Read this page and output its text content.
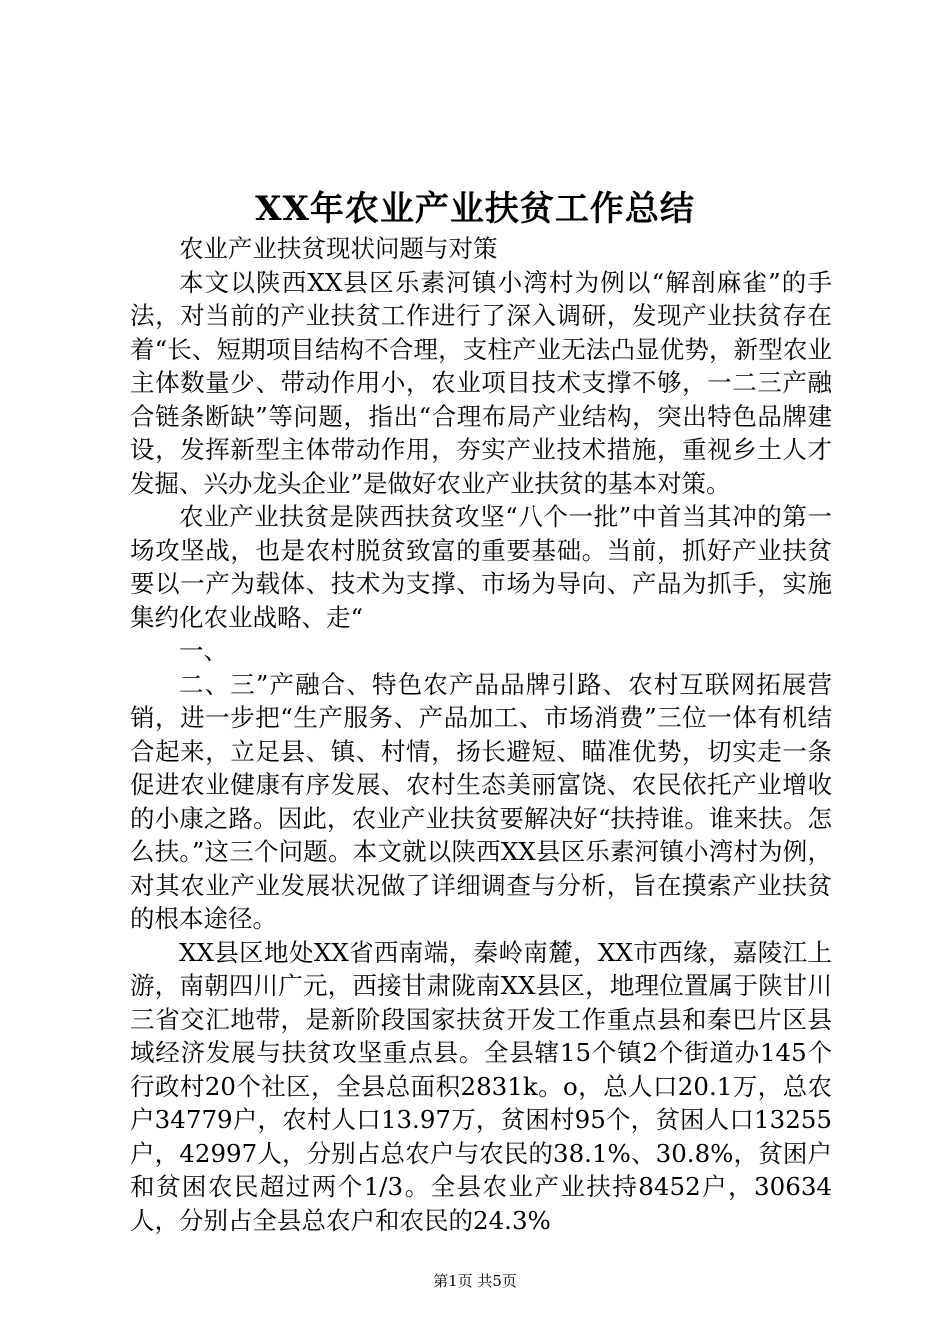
XX年农业产业扶贫工作总结

农业产业扶贫现状问题与对策

本文以陕西XX县区乐素河镇小湾村为例以“解剖麻雀”的手法，对当前的产业扶贫工作进行了深入调研，发现产业扶贫存在着“长、短期项目结构不合理，支柱产业无法凸显优势，新型农业主体数量少、带动作用小，农业项目技术支撑不够，一二三产融合链条断缺”等问题，指出“合理布局产业结构，突出特色品牌建设，发挥新型主体带动作用，夯实产业技术措施，重视乡土人才发掘、兴办龙头企业”是做好农业产业扶贫的基本对策。

农业产业扶贫是陕西扶贫攻坚“八个一批”中首当其冲的第一场攻坚战，也是农村脱贫致富的重要基础。当前，抓好产业扶贫要以一产为载体、技术为支撑、市场为导向、产品为抓手，实施集约化农业战略、走“

一、

二、三”产融合、特色农产品品牌引路、农村互联网拓展营销，进一步把“生产服务、产品加工、市场消费”三位一体有机结合起来，立足县、镇、村情，扬长避短、瞄准优势，切实走一条促进农业健康有序发展、农村生态美丽富饶、农民依托产业增收的小康之路。因此，农业产业扶贫要解决好“扶持谁。谁来扶。怎么扶。”这三个问题。本文就以陕西XX县区乐素河镇小湾村为例，对其农业产业发展状况做了详细调查与分析，旨在摸索产业扶贫的根本途径。

XX县区地处XX省西南端，秦岭南麓，XX市西缘，嘉陵江上游，南朝四川广元，西接甘肃陇南XX县区，地理位置属于陕甘川三省交汇地带，是新阶段国家扶贫开发工作重点县和秦巴片区县域经济发展与扶贫攻坚重点县。全县辖15个镇2个街道办145个行政村20个社区，全县总面积2831k。o，总人口20.1万，总农户34779户，农村人口13.97万，贫困村95个，贫困人口13255户，42997人，分别占总农户与农民的38.1%、30.8%，贫困户和贫困农民超过两个1/3。全县农业产业扶持8452户，30634人，分别占全县总农户和农民的24.3%

第1页 共5页
